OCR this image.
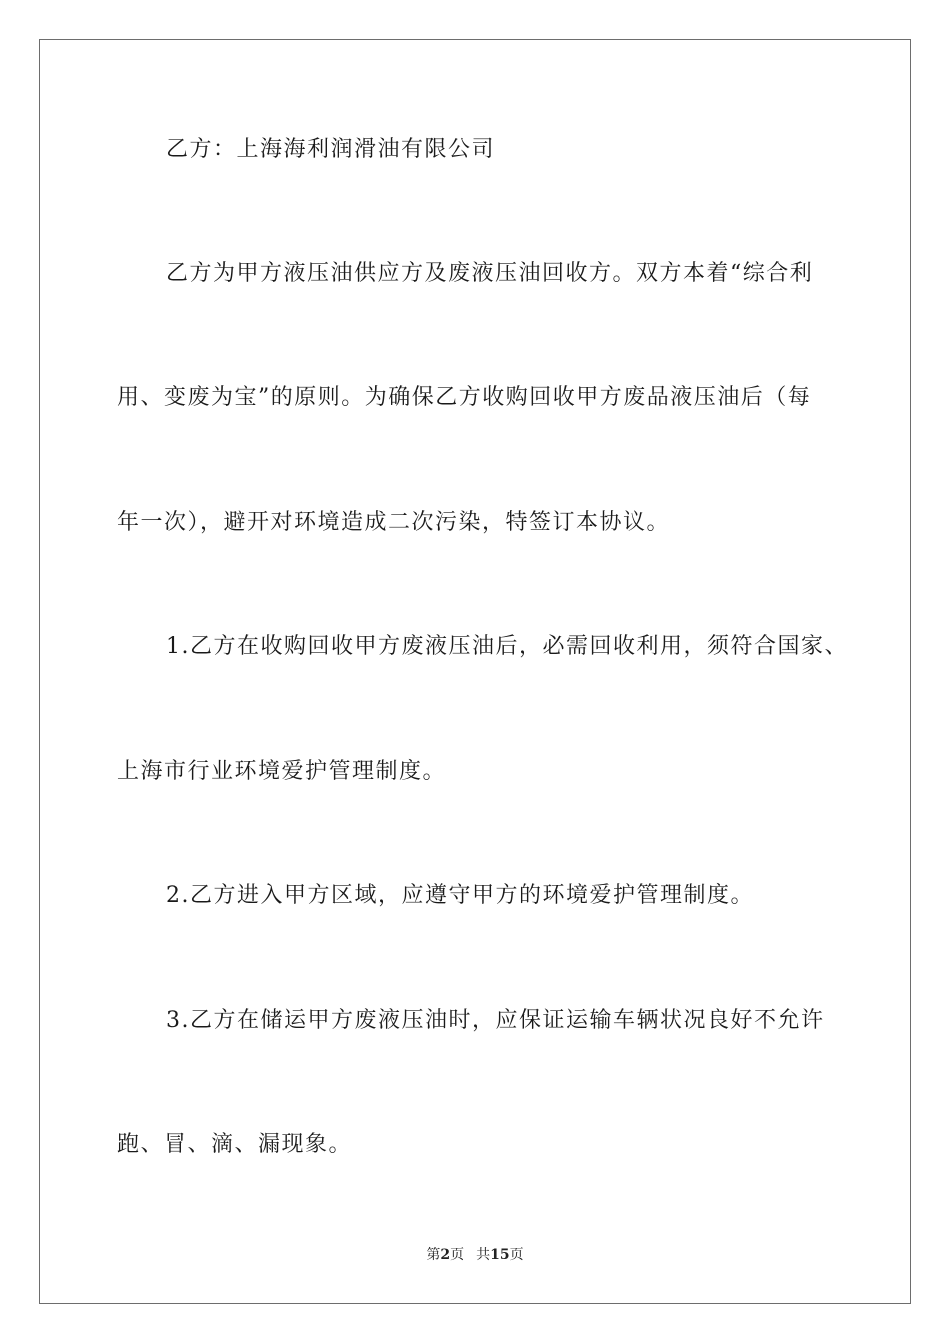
乙方：上海海利润滑油有限公司
乙方为甲方液压油供应方及废液压油回收方。双方本着“综合利
用、变废为宝”的原则。为确保乙方收购回收甲方废品液压油后（每
年一次），避开对环境造成二次污染，特签订本协议。
1.乙方在收购回收甲方废液压油后，必需回收利用，须符合国家、
上海市行业环境爱护管理制度。
2.乙方进入甲方区域，应遵守甲方的环境爱护管理制度。
3.乙方在储运甲方废液压油时，应保证运输车辆状况良好不允许
跑、冒、滴、漏现象。
第2页 共15页
